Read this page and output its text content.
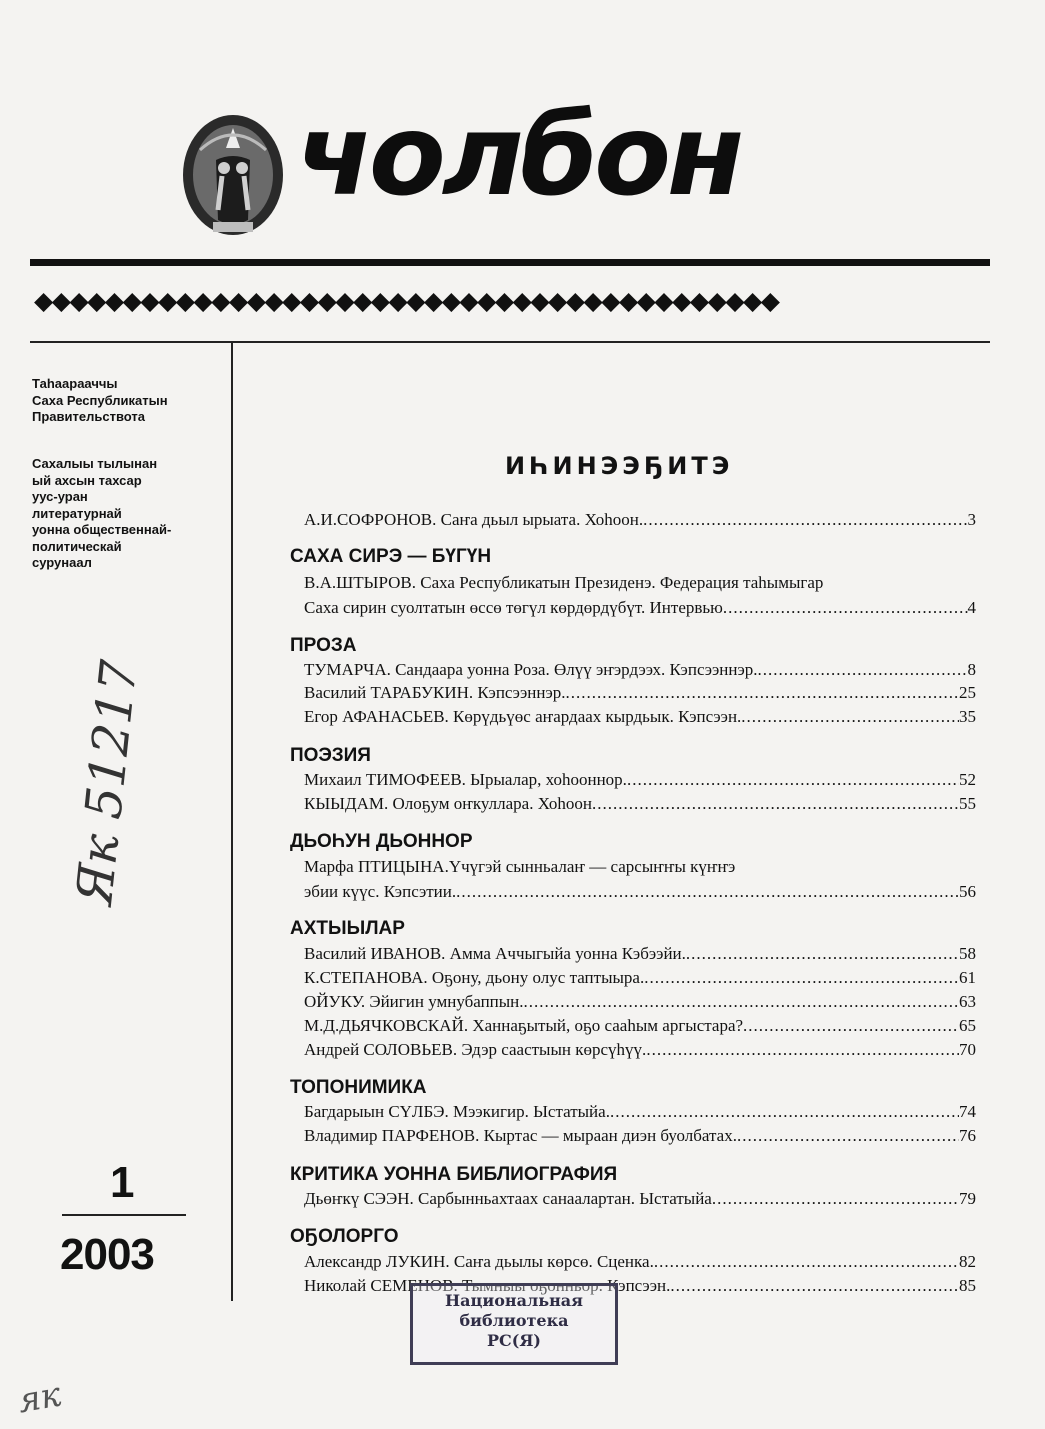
чолбон
◆◆◆◆◆◆◆◆◆◆◆◆◆◆◆◆◆◆◆◆◆◆◆◆◆◆◆◆◆◆◆◆◆◆◆◆◆◆◆◆◆◆
Таһаарааччы
Саха Республикатын
Правительствота
Сахалыы тылынан
ый ахсын тахсар
уус-уран
литературнай
уонна общественнай-
политическай
сурунаал
Як 51217
1
2003
як
ИҺИНЭЭҔИТЭ
А.И.СОФРОНОВ. Саҥа дьыл ырыата. Хоһоон. .....	3
САХА СИРЭ — БҮГҮН
В.А.ШТЫРОВ. Саха Республикатын Президенэ. Федерация таһымыгар
Саха сирин суолтатын өссө төгүл көрдөрдүбүт. Интервью .....	4
ПРОЗА
ТУМАРЧА. Сандаара уонна Роза. Өлүү эҥэрдээх. Кэпсээннэр. .....	8
Василий ТАРАБУКИН. Кэпсээннэр. .....	25
Егор АФАНАСЬЕВ. Көрүдьүөс аҥардаах кырдьык. Кэпсээн. .....	35
ПОЭЗИЯ
Михаил ТИМОФЕЕВ. Ырыалар, хоһооннор. .....	52
КЫЫДАМ. Олоҕум оҥкуллара. Хоһоон .....	55
ДЬОҺУН ДЬОННОР
Марфа ПТИЦЫНА.Үчүгэй сынньалаҥ — сарсыҥҥы күҥҥэ
эбии күүс. Кэпсэтии. .....	56
АХТЫЫЛАР
Василий ИВАНОВ. Амма Аччыгыйа уонна Кэбээйи. .....	58
К.СТЕПАНОВА. Оҕону, дьону олус таптыыра. .....	61
ОЙУКУ. Эйигин умнубаппын. .....	63
М.Д.ДЬЯЧКОВСКАЙ. Ханнаҕытый, оҕо сааһым аргыстара? .....	65
Андрей СОЛОВЬЕВ. Эдэр саастыын көрсүһүү. .....	70
ТОПОНИМИКА
Багдарыын СҮЛБЭ. Мээкигир. Ыстатыйа. .....	74
Владимир ПАРФЕНОВ. Кыртас — мыраан диэн буолбатах. .....	76
КРИТИКА УОННА БИБЛИОГРАФИЯ
Дьөҥкү СЭЭН. Сарбынньахтаах санаалартан. Ыстатыйа .....	79
ОҔОЛОРГО
Александр ЛУКИН. Саҥа дьылы көрсө. Сценка. .....	82
Николай СЕМЕНОВ. Тымныы оҕонньор. Кэпсээн. .....	85
Национальная
библиотека
РС(Я)
